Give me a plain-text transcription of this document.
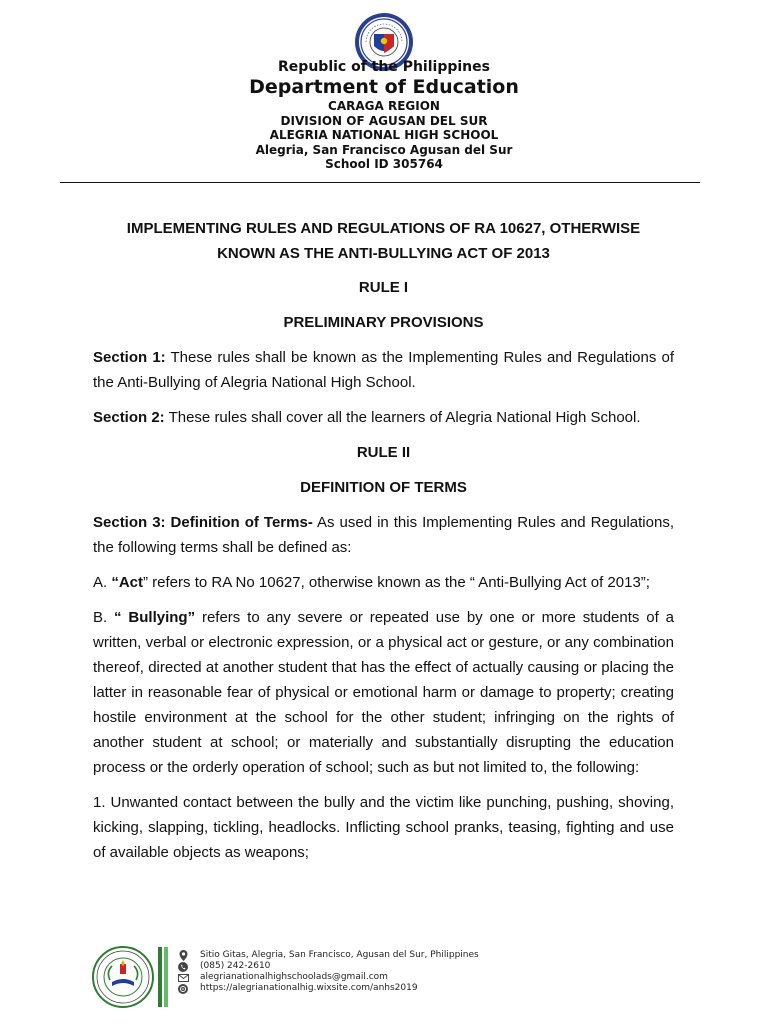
Republic of the Philippines
Department of Education
CARAGA REGION
DIVISION OF AGUSAN DEL SUR
ALEGRIA NATIONAL HIGH SCHOOL
Alegria, San Francisco Agusan del Sur
School ID 305764

IMPLEMENTING RULES AND REGULATIONS OF RA 10627, OTHERWISE
KNOWN AS THE ANTI-BULLYING ACT OF 2013

RULE I

PRELIMINARY PROVISIONS

Section 1: These rules shall be known as the Implementing Rules and Regulations of the Anti-Bullying of Alegria National High School.

Section 2: These rules shall cover all the learners of Alegria National High School.

RULE II

DEFINITION OF TERMS

Section 3: Definition of Terms- As used in this Implementing Rules and Regulations, the following terms shall be defined as:

A. “Act” refers to RA No 10627, otherwise known as the “ Anti-Bullying Act of 2013”;

B. “ Bullying” refers to any severe or repeated use by one or more students of a written, verbal or electronic expression, or a physical act or gesture, or any combination thereof, directed at another student that has the effect of actually causing or placing the latter in reasonable fear of physical or emotional harm or damage to property; creating hostile environment at the school for the other student; infringing on the rights of another student at school; or materially and substantially disrupting the education process or the orderly operation of school; such as but not limited to, the following:

1. Unwanted contact between the bully and the victim like punching, pushing, shoving, kicking, slapping, tickling, headlocks. Inflicting school pranks, teasing, fighting and use of available objects as weapons;

Sitio Gitas, Alegria, San Francisco, Agusan del Sur, Philippines
(085) 242-2610
alegrianationalhighschoolads@gmail.com
https://alegrianationalhig.wixsite.com/anhs2019
